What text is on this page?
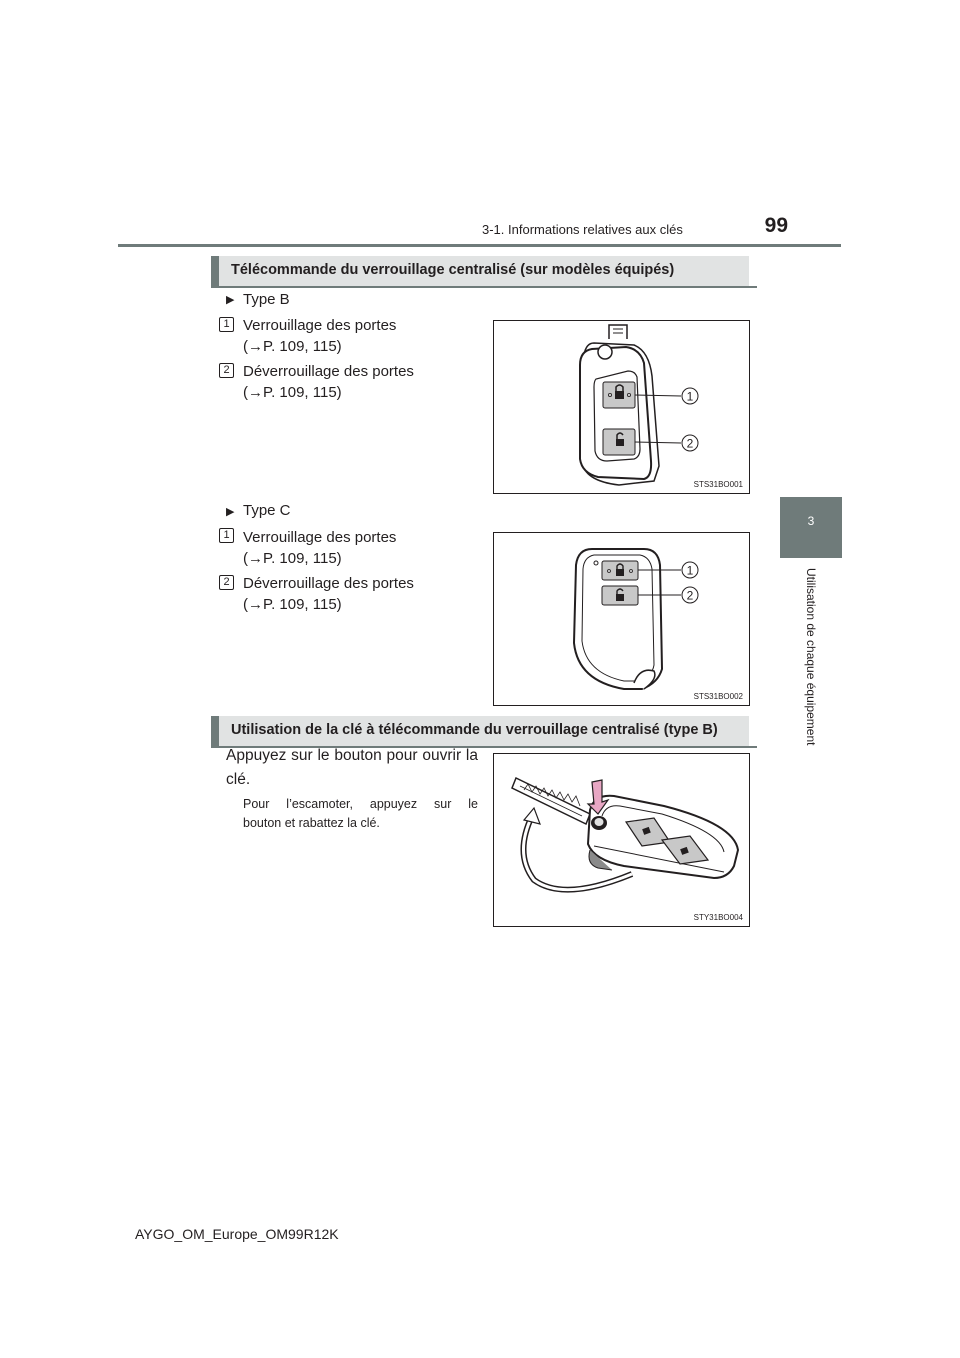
3-1. Informations relatives aux clés	99
3
Utilisation de chaque équipement
Télécommande du verrouillage centralisé (sur modèles équipés)
▶ Type B
1 Verrouillage des portes
(→P. 109, 115)
2 Déverrouillage des portes
(→P. 109, 115)	1
2
STS31BO001
▶ Type C
1 Verrouillage des portes
(→P. 109, 115)
2 Déverrouillage des portes
(→P. 109, 115)
1
2
STS31BO002
Utilisation de la clé à télécommande du verrouillage centralisé (type B)
Appuyez sur le bouton pour ouvrir la
clé.
Pour l’escamoter, appuyez sur le
bouton et rabattez la clé.
STY31BO004
AYGO_OM_Europe_OM99R12K
